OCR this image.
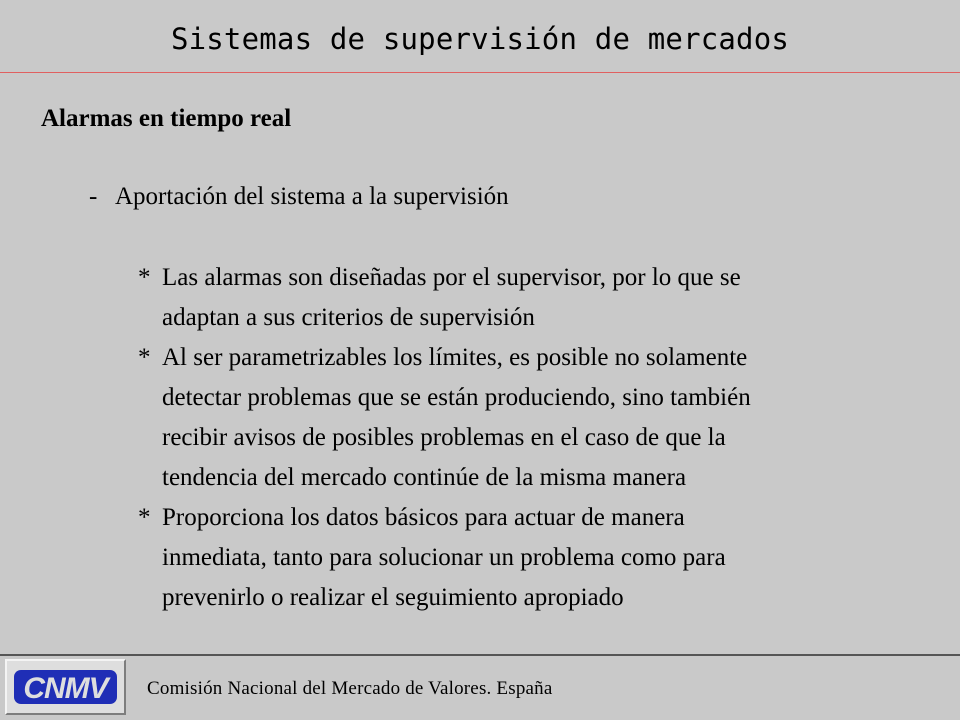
Sistemas de supervisión de mercados
Alarmas en tiempo real
- Aportación del sistema a la supervisión
* Las alarmas son diseñadas por el supervisor, por lo que se
adaptan a sus criterios de supervisión
* Al ser parametrizables los límites, es posible no solamente
detectar problemas que se están produciendo, sino también
recibir avisos de posibles problemas en el caso de que la
tendencia del mercado continúe de la misma manera
* Proporciona los datos básicos para actuar de manera
inmediata, tanto para solucionar un problema como para
prevenirlo o realizar el seguimiento apropiado
CNMV Comisión Nacional del Mercado de Valores. España
